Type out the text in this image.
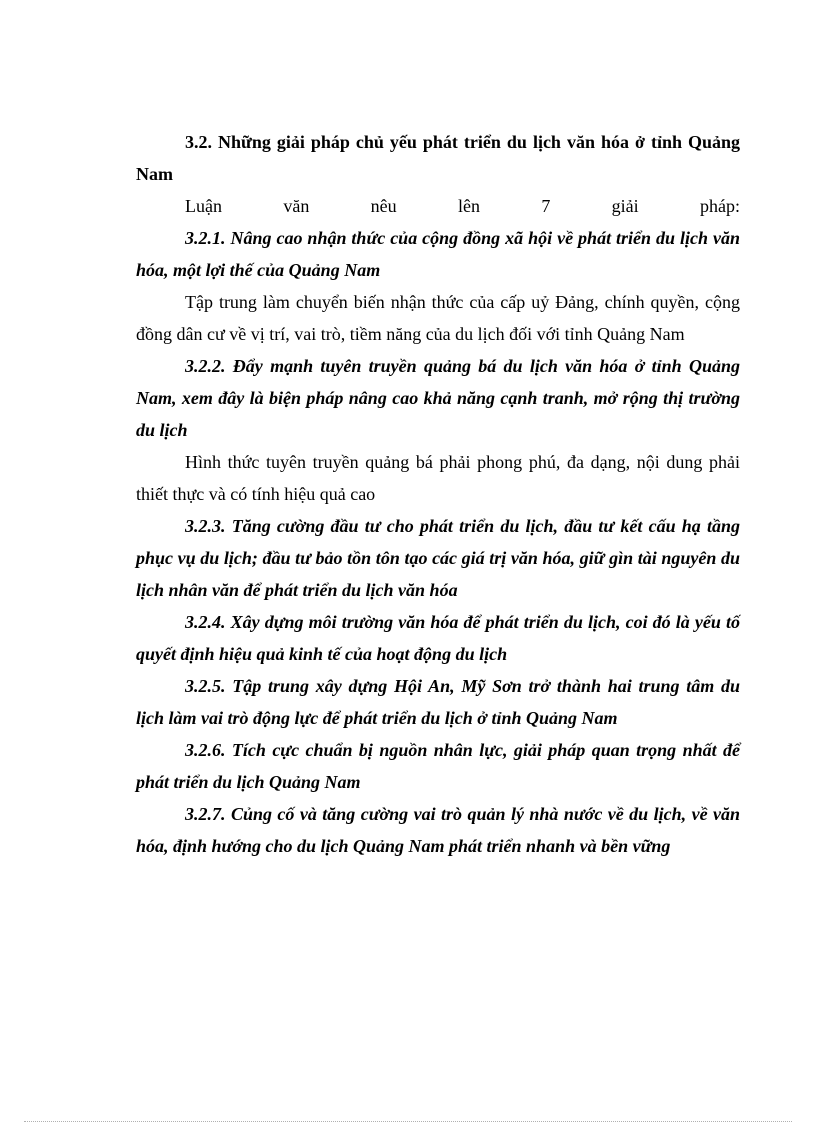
3.2. Những giải pháp chủ yếu phát triển du lịch văn hóa ở tỉnh Quảng Nam

Luận văn nêu lên 7 giải pháp:

3.2.1. Nâng cao nhận thức của cộng đồng xã hội về phát triển du lịch văn hóa, một lợi thế của Quảng Nam

Tập trung làm chuyển biến nhận thức của cấp uỷ Đảng, chính quyền, cộng đồng dân cư về vị trí, vai trò, tiềm năng của du lịch đối với tỉnh Quảng Nam

3.2.2. Đẩy mạnh tuyên truyền quảng bá du lịch văn hóa ở tỉnh Quảng Nam, xem đây là biện pháp nâng cao khả năng cạnh tranh, mở rộng thị trường du lịch

Hình thức tuyên truyền quảng bá phải phong phú, đa dạng, nội dung phải thiết thực và có tính hiệu quả cao

3.2.3. Tăng cường đầu tư cho phát triển du lịch, đầu tư kết cấu hạ tầng phục vụ du lịch; đầu tư bảo tồn tôn tạo các giá trị văn hóa, giữ gìn tài nguyên du lịch nhân văn để phát triển du lịch văn hóa

3.2.4. Xây dựng môi trường văn hóa để phát triển du lịch, coi đó là yếu tố quyết định hiệu quả kinh tế của hoạt động du lịch

3.2.5. Tập trung xây dựng Hội An, Mỹ Sơn trở thành hai trung tâm du lịch làm vai trò động lực để phát triển du lịch ở tỉnh Quảng Nam

3.2.6. Tích cực chuẩn bị nguồn nhân lực, giải pháp quan trọng nhất để phát triển du lịch Quảng Nam

3.2.7. Củng cố và tăng cường vai trò quản lý nhà nước về du lịch, về văn hóa, định hướng cho du lịch Quảng Nam phát triển nhanh và bền vững
